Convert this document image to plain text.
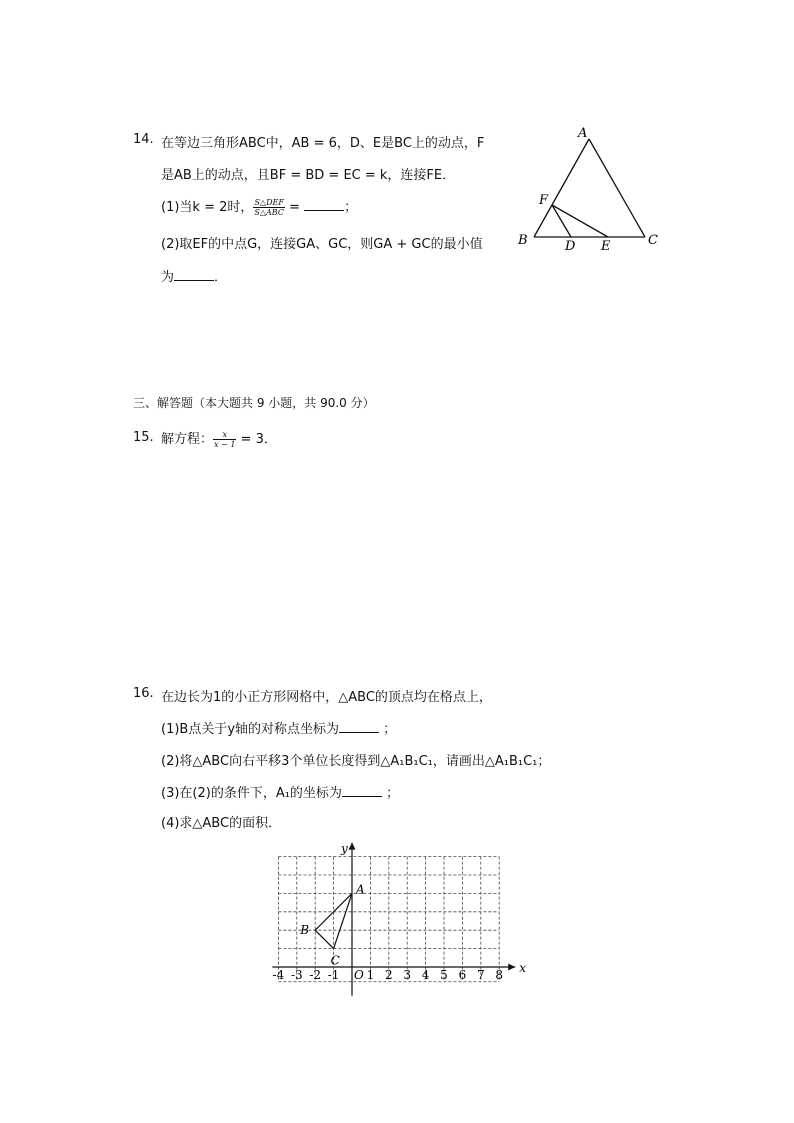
14. 在等边三角形ABC中，AB = 6，D、E是BC上的动点，F
是AB上的动点，且BF = BD = EC = k，连接FE．
(1)当k = 2时， $\frac{\text{S△DEF}}{\text{S△ABC}}$ =	；
(2)取EF的中点G，连接GA、GC，则GA + GC的最小值
为	．
A
B	C
D E
F
三、解答题（本大题共 9 小题，共 90.0 分）
15. 解方程： $\frac{x}{x - 1} = 3$．
16. 在边长为1的小正方形网格中，△ABC的顶点均在格点上，
(1)B点关于y轴的对称点坐标为	；
(2)将△ABC向右平移3个单位长度得到△A₁B₁C₁，请画出△A₁B₁C₁；
(3)在(2)的条件下，A₁的坐标为	；
(4)求△ABC的面积．
x
y
O
-4 -3 -2 -1 1 2 3 4 5 6 7 8
A
B
C
